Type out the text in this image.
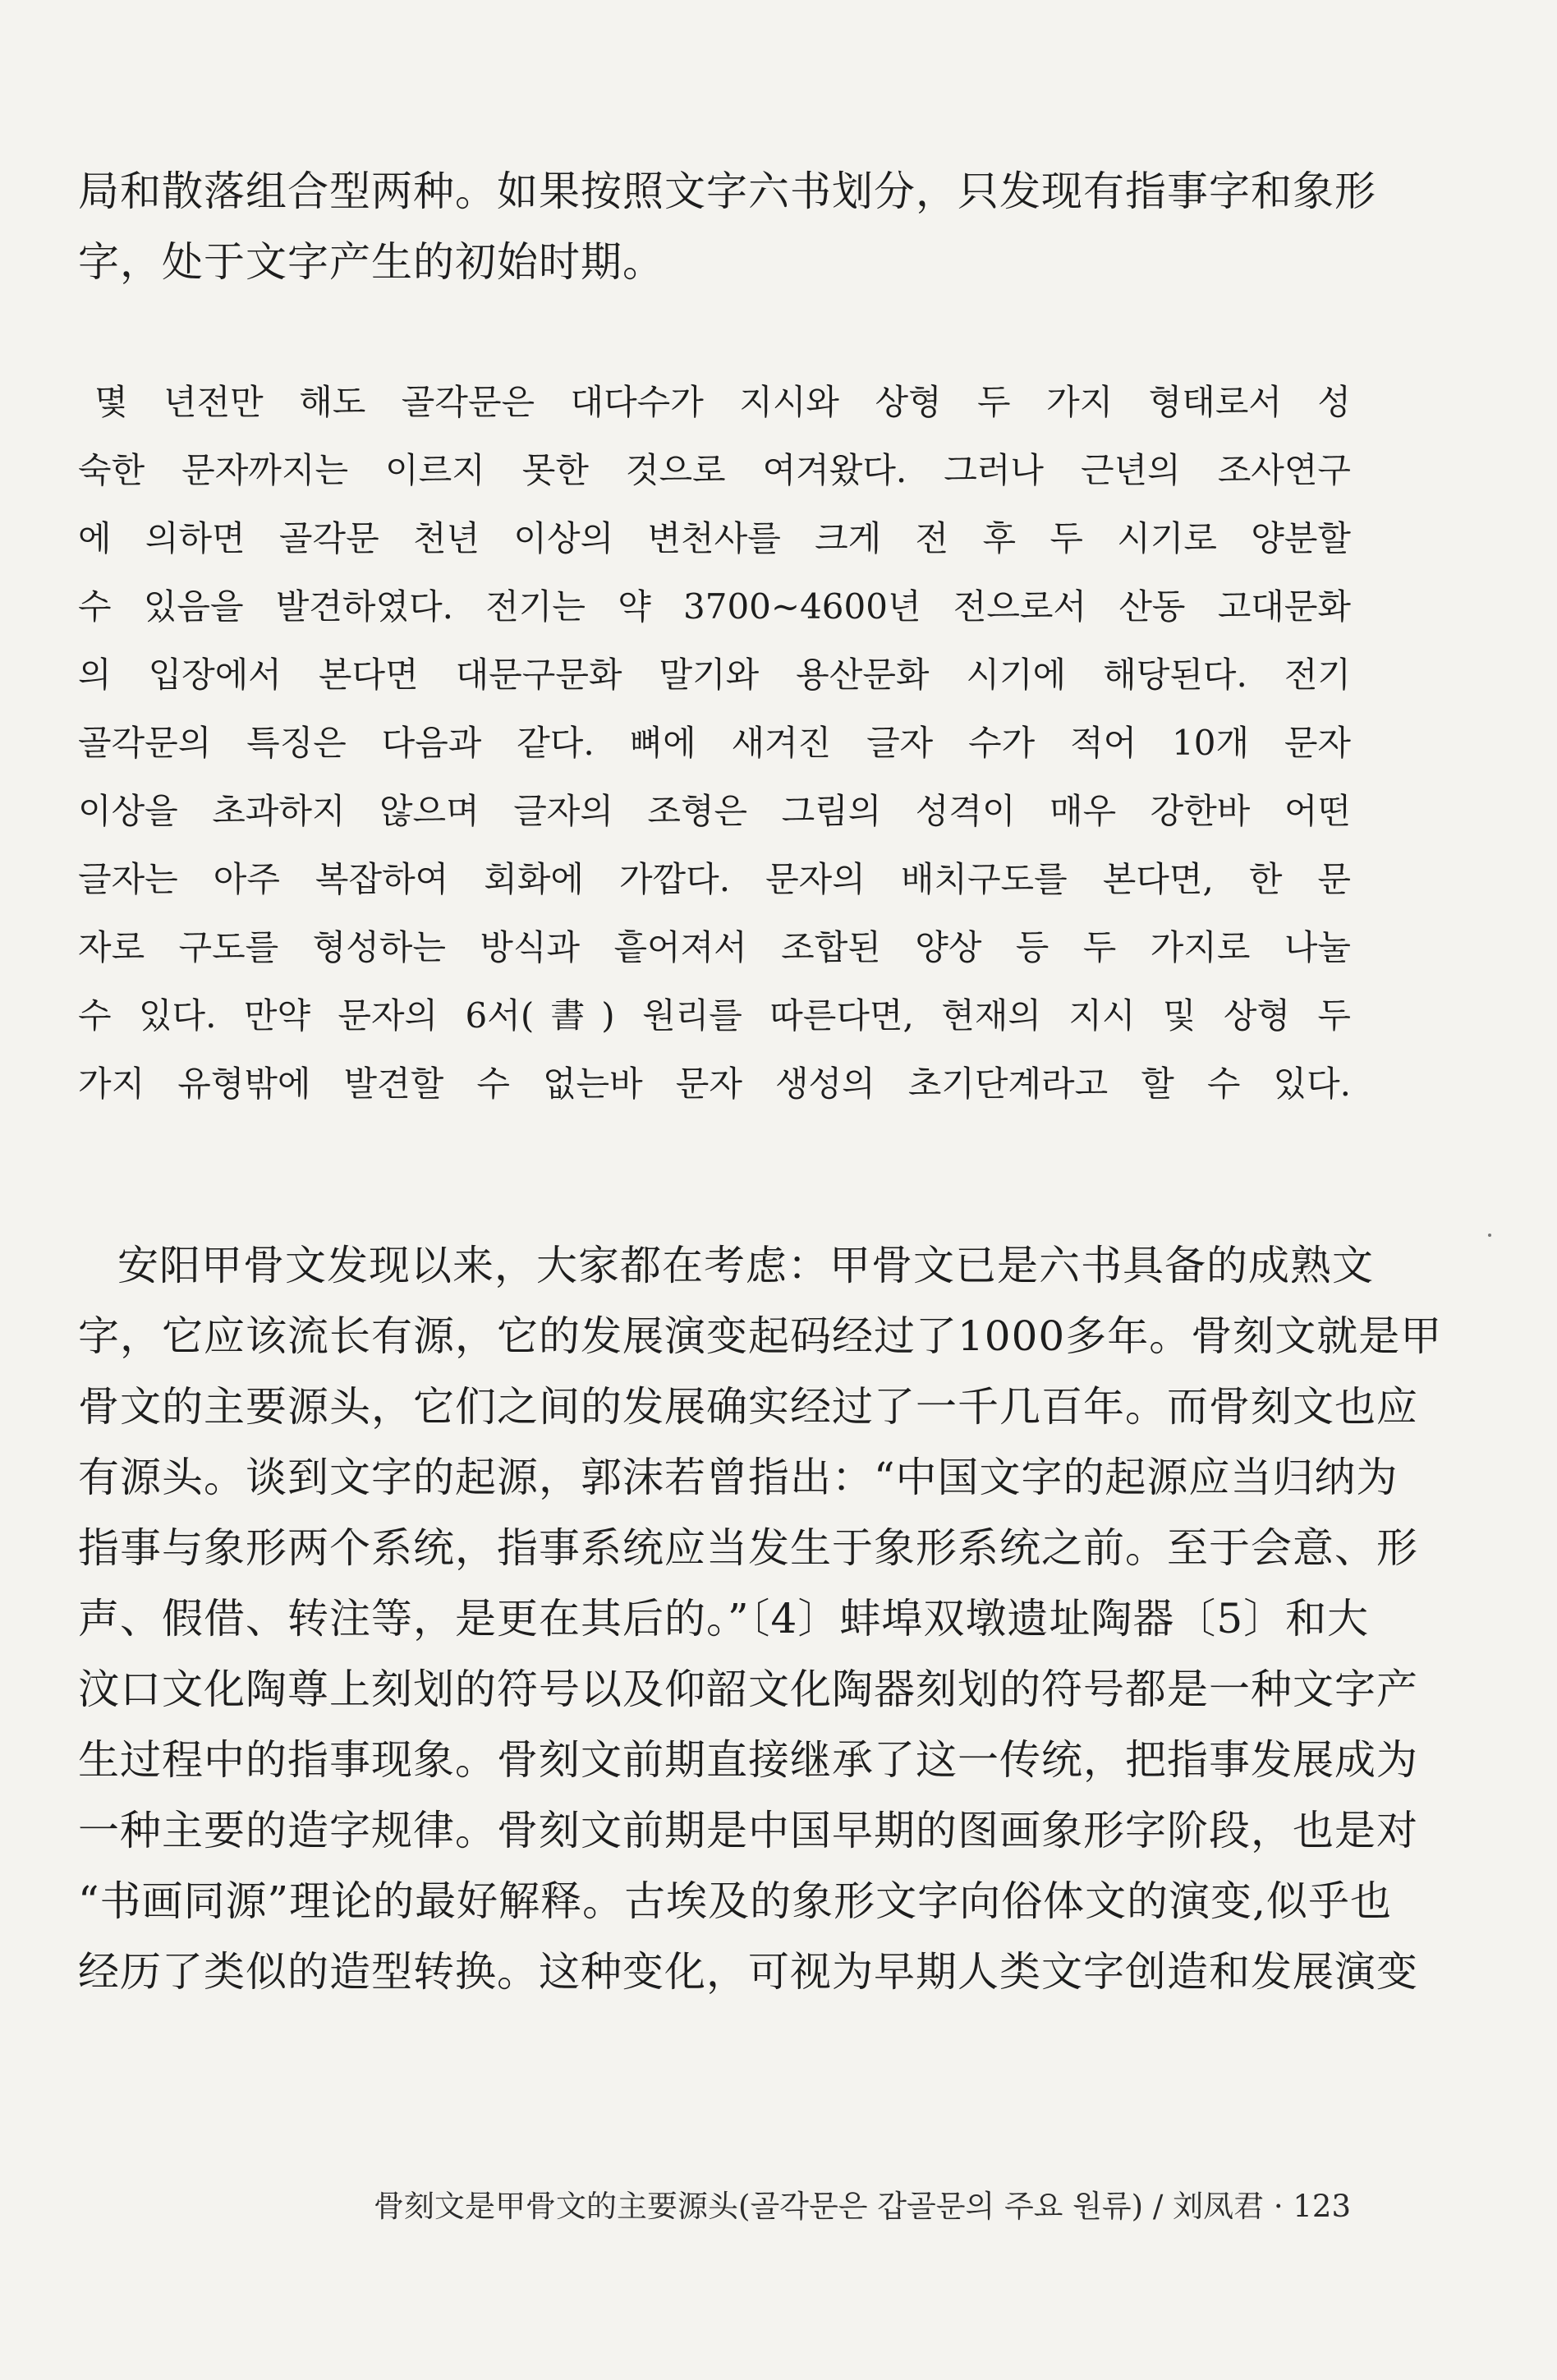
局和散落组合型两种。如果按照文字六书划分，只发现有指事字和象形
字，处于文字产生的初始时期。
몇 년전만 해도 골각문은 대다수가 지시와 상형 두 가지 형태로서 성
숙한 문자까지는 이르지 못한 것으로 여겨왔다. 그러나 근년의 조사연구
에 의하면 골각문 천년 이상의 변천사를 크게 전 후 두 시기로 양분할
수 있음을 발견하였다. 전기는 약 3700∼4600년 전으로서 산동 고대문화
의 입장에서 본다면 대문구문화 말기와 용산문화 시기에 해당된다. 전기
골각문의 특징은 다음과 같다. 뼈에 새겨진 글자 수가 적어 10개 문자
이상을 초과하지 않으며 글자의 조형은 그림의 성격이 매우 강한바 어떤
글자는 아주 복잡하여 회화에 가깝다. 문자의 배치구도를 본다면, 한 문
자로 구도를 형성하는 방식과 흩어져서 조합된 양상 등 두 가지로 나눌
수 있다. 만약 문자의 6서(書) 원리를 따른다면, 현재의 지시 및 상형 두
가지 유형밖에 발견할 수 없는바 문자 생성의 초기단계라고 할 수 있다.
安阳甲骨文发现以来，大家都在考虑：甲骨文已是六书具备的成熟文
字，它应该流长有源，它的发展演变起码经过了1000多年。骨刻文就是甲
骨文的主要源头，它们之间的发展确实经过了一千几百年。而骨刻文也应
有源头。谈到文字的起源，郭沫若曾指出：“中国文字的起源应当归纳为
指事与象形两个系统，指事系统应当发生于象形系统之前。至于会意、形
声、假借、转注等，是更在其后的。”〔4〕蚌埠双墩遗址陶器〔5〕和大
汶口文化陶尊上刻划的符号以及仰韶文化陶器刻划的符号都是一种文字产
生过程中的指事现象。骨刻文前期直接继承了这一传统，把指事发展成为
一种主要的造字规律。骨刻文前期是中国早期的图画象形字阶段，也是对
“书画同源”理论的最好解释。古埃及的象形文字向俗体文的演变,似乎也
经历了类似的造型转换。这种变化，可视为早期人类文字创造和发展演变
骨刻文是甲骨文的主要源头(골각문은 갑골문의 주요 원류) / 刘凤君 · 123
